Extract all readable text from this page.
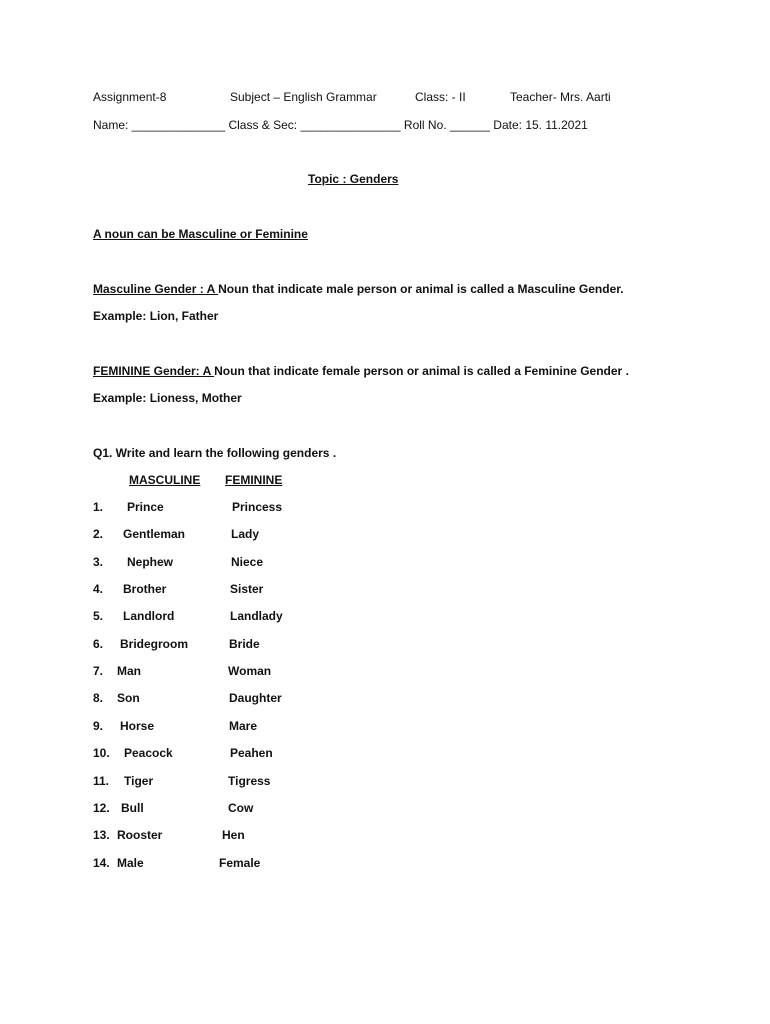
Assignment-8	Subject – English Grammar	Class: - II	Teacher- Mrs. Aarti
Name: ______________ Class & Sec: _______________ Roll No. ______ Date: 15. 11.2021
Topic : Genders
A noun can be Masculine or Feminine
Masculine Gender : A Noun that indicate male person or animal is called a Masculine Gender.
Example: Lion, Father
FEMININE Gender: A Noun that indicate female person or animal is called a Feminine Gender .
Example: Lioness, Mother
Q1. Write and learn the following genders .
MASCULINE FEMININE
1. Prince	Princess
2. Gentleman	Lady
3. Nephew	Niece
4. Brother	Sister
5. Landlord	Landlady
6. Bridegroom	Bride
7. Man	Woman
8. Son	Daughter
9. Horse	Mare
10. Peacock	Peahen
11. Tiger	Tigress
12. Bull	Cow
13. Rooster	Hen
14. Male	Female
